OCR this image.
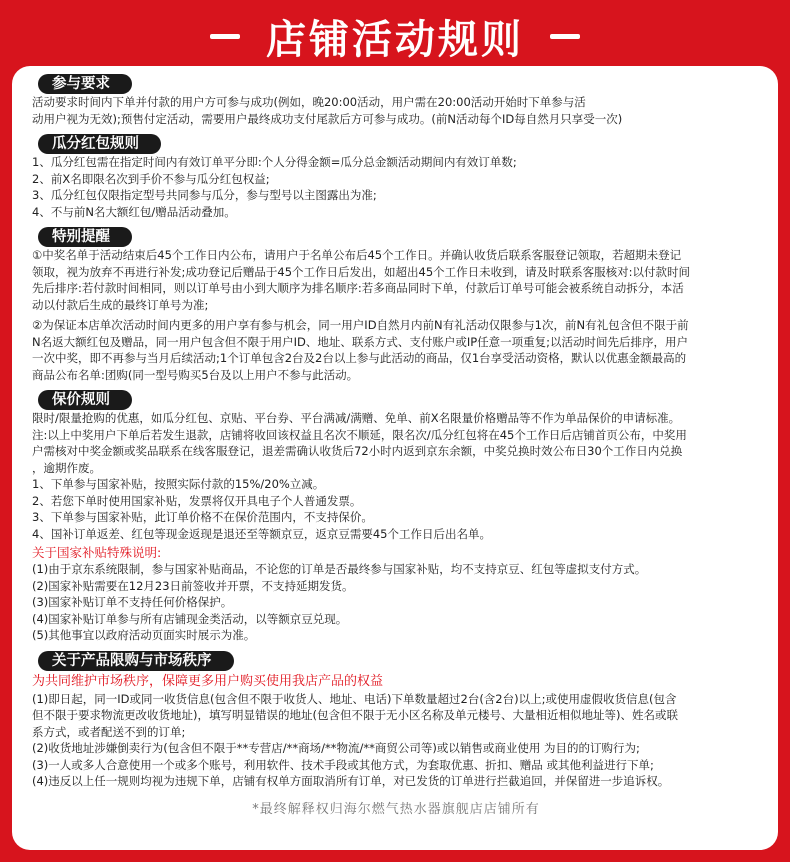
店铺活动规则
参与要求

活动要求时间内下单并付款的用户方可参与成功(例如，晚20:00活动，用户需在20:00活动开始时下单参与活

动用户视为无效);预售付定活动，需要用户最终成功支付尾款后方可参与成功。(前N活动每个ID每自然月只享受一次)

瓜分红包规则

1、瓜分红包需在指定时间内有效订单平分即:个人分得金额=瓜分总金额活动期间内有效订单数;

2、前X名即限名次到手价不参与瓜分红包权益;

3、瓜分红包仅限指定型号共同参与瓜分，参与型号以主图露出为准;

4、不与前N名大额红包/赠品活动叠加。

特别提醒

①中奖名单于活动结束后45个工作日内公布，请用户于名单公布后45个工作日。并确认收货后联系客服登记领取，若超期未登记

领取，视为放弃不再进行补发;成功登记后赠品于45个工作日后发出，如超出45个工作日未收到，请及时联系客服核对:以付款时间

先后排序:若付款时间相同，则以订单号由小到大顺序为排名顺序:若多商品同时下单，付款后订单号可能会被系统自动拆分，本活

动以付款后生成的最终订单号为准;

②为保证本店单次活动时间内更多的用户享有参与机会，同一用户ID自然月内前N有礼活动仅限参与1次，前N有礼包含但不限于前

N名返大额红包及赠品，同一用户包含但不限于用户ID、地址、联系方式、支付账户或IP任意一项重复;以活动时间先后排序，用户

一次中奖，即不再参与当月后续活动;1个订单包含2台及2台以上参与此活动的商品，仅1台享受活动资格，默认以优惠金额最高的

商品公布名单:团购(同一型号购买5台及以上用户不参与此活动。

保价规则

限时/限量抢购的优惠，如瓜分红包、京贴、平台券、平台满减/满赠、免单、前X名限量价格赠品等不作为单品保价的申请标准。

注:以上中奖用户下单后若发生退款，店铺将收回该权益且名次不顺延，限名次/瓜分红包将在45个工作日后店铺首页公布，中奖用

户需核对中奖金额或奖品联系在线客服登记，退差需确认收货后72小时内返到京东余额，中奖兑换时效公布日30个工作日内兑换

，逾期作废。

1、下单参与国家补贴，按照实际付款的15%/20%立减。

2、若您下单时使用国家补贴，发票将仅开具电子个人普通发票。

3、下单参与国家补贴，此订单价格不在保价范围内，不支持保价。

4、国补订单返差、红包等现金返现是退还至等额京豆，返京豆需要45个工作日后出名单。

关于国家补贴特殊说明:

(1)由于京东系统限制，参与国家补贴商品，不论您的订单是否最终参与国家补贴，均不支持京豆、红包等虚拟支付方式。

(2)国家补贴需要在12月23日前签收并开票，不支持延期发货。

(3)国家补贴订单不支持任何价格保护。

(4)国家补贴订单参与所有店铺现金类活动，以等额京豆兑现。

(5)其他事宜以政府活动页面实时展示为准。

关于产品限购与市场秩序

为共同维护市场秩序，保障更多用户购买使用我店产品的权益

(1)即日起，同一ID或同一收货信息(包含但不限于收货人、地址、电话)下单数量超过2台(含2台)以上;或使用虚假收货信息(包含

但不限于要求物流更改收货地址)，填写明显错误的地址(包含但不限于无小区名称及单元楼号、大量相近相似地址等)、姓名或联

系方式，或者配送不到的订单;

(2)收货地址涉嫌倒卖行为(包含但不限于**专营店/**商场/**物流/**商贸公司等)或以销售或商业使用 为目的的订购行为;

(3)一人或多人合意使用一个或多个账号，利用软件、技术手段或其他方式，为套取优惠、折扣、赠品 或其他利益进行下单;

(4)违反以上任一规则均视为违规下单，店铺有权单方面取消所有订单，对已发货的订单进行拦截追回，并保留进一步追诉权。

*最终解释权归海尔燃气热水器旗舰店店铺所有
